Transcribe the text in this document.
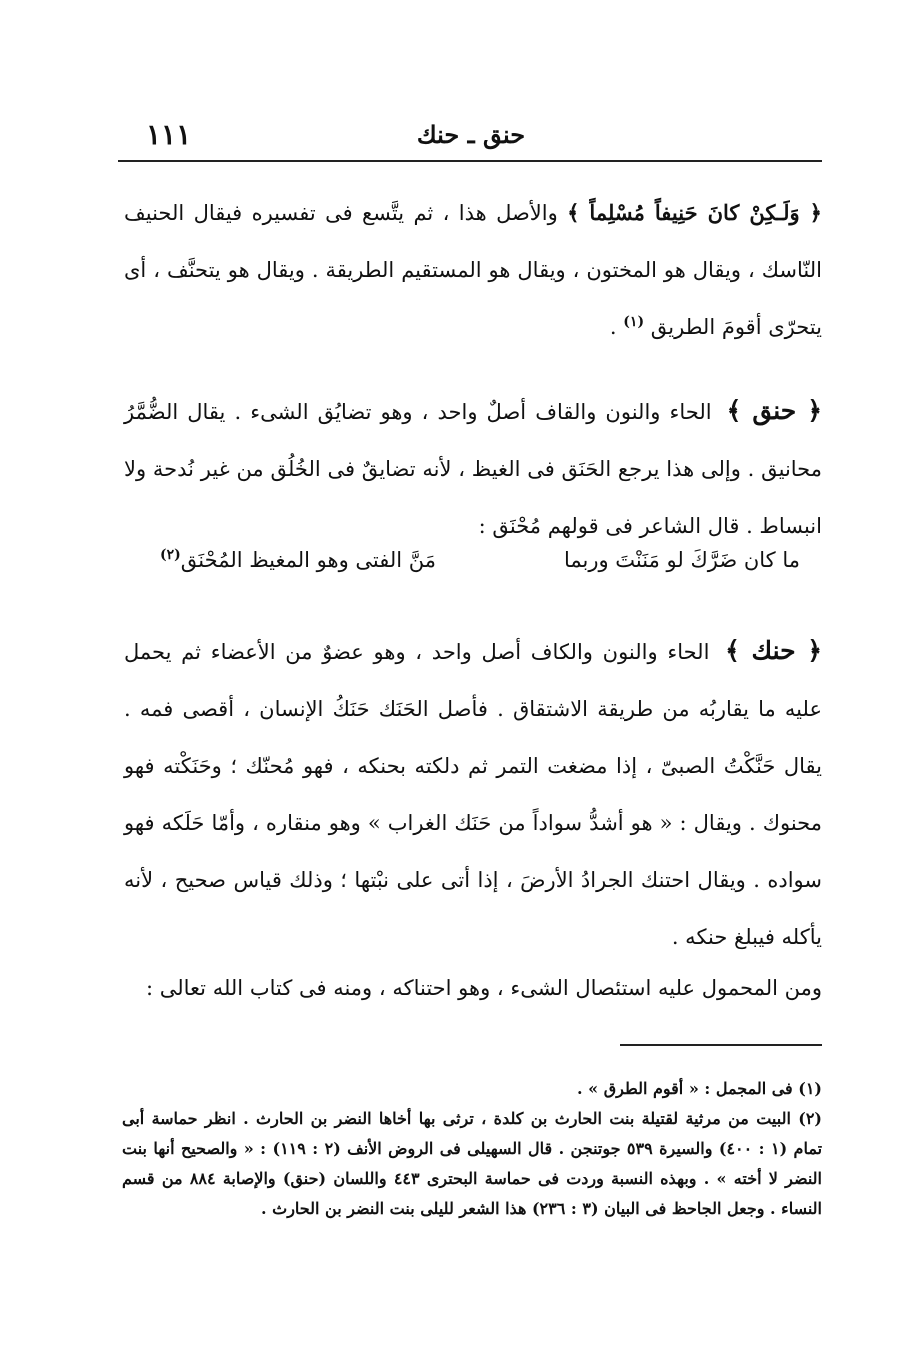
حنق ـ حنك
١١١

﴿ وَلَـكِنْ كانَ حَنِيفاً مُسْلِماً ﴾ والأصل هذا ، ثم يتَّسع فى تفسيره فيقال الحنيف النّاسك ، ويقال هو المختون ، ويقال هو المستقيم الطريقة . ويقال هو يتحنَّف ، أى يتحرّى أقومَ الطريق $^{(١)}$ .

﴿ حنق ﴾ الحاء والنون والقاف أصلٌ واحد ، وهو تضايُق الشىء . يقال الضُّمَّرُ محانيق . وإلى هذا يرجع الحَنَق فى الغيظ ، لأنه تضايقٌ فى الخُلُق من غير نُدحة ولا انبساط . قال الشاعر فى قولهم مُحْنَق :

ما كان ضَرَّكَ لو مَنَنْتَ وربما
مَنَّ الفتى وهو المغيظ المُحْنَق$^{(٢)}$

﴿ حنك ﴾ الحاء والنون والكاف أصل واحد ، وهو عضوٌ من الأعضاء ثم يحمل عليه ما يقاربُه من طريقة الاشتقاق . فأصل الحَنَك حَنَكُ الإنسان ، أقصى فمه . يقال حَنَّكْتُ الصبىّ ، إذا مضغت التمر ثم دلكته بحنكه ، فهو مُحنّك ؛ وحَنَكْته فهو محنوك . ويقال : « هو أشدُّ سواداً من حَنَك الغراب » وهو منقاره ، وأمّا حَلَكه فهو سواده . ويقال احتنك الجرادُ الأرضَ ، إذا أتى على نبْتها ؛ وذلك قياس صحيح ، لأنه يأكله فيبلغ حنكه .

ومن المحمول عليه استئصال الشىء ، وهو احتناكه ، ومنه فى كتاب الله تعالى :

(١) فى المجمل : « أقوم الطرق » .

(٢) البيت من مرثية لقتيلة بنت الحارث بن كلدة ، ترثى بها أخاها النضر بن الحارث . انظر حماسة أبى تمام (١ : ٤٠٠) والسيرة ٥٣٩ جوتنجن . قال السهيلى فى الروض الأنف (٢ : ١١٩) : « والصحيح أنها بنت النضر لا أخته » . وبهذه النسبة وردت فى حماسة البحترى ٤٤٣ واللسان (حنق) والإصابة ٨٨٤ من قسم النساء . وجعل الجاحظ فى البيان (٣ : ٢٣٦) هذا الشعر لليلى بنت النضر بن الحارث .
